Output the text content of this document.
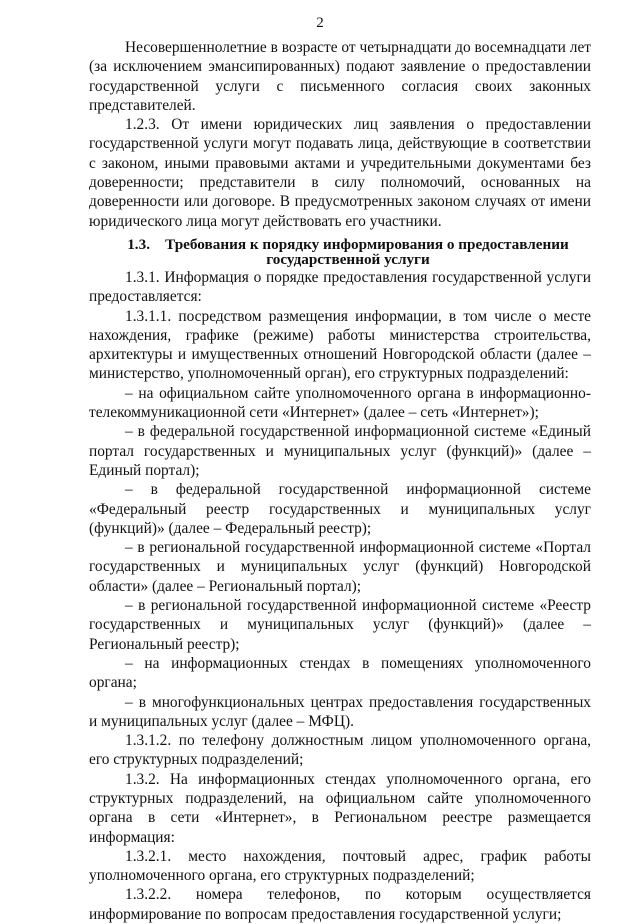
2

Несовершеннолетние в возрасте от четырнадцати до восемнадцати лет (за исключением эмансипированных) подают заявление о предоставлении государственной услуги с письменного согласия своих законных представителей.

1.2.3. От имени юридических лиц заявления о предоставлении государственной услуги могут подавать лица, действующие в соответствии с законом, иными правовыми актами и учредительными документами без доверенности; представители в силу полномочий, основанных на доверенности или договоре. В предусмотренных законом случаях от имени юридического лица могут действовать его участники.

1.3.    Требования к порядку информирования о предоставлении
государственной услуги

1.3.1. Информация о порядке предоставления государственной услуги предоставляется:

1.3.1.1. посредством размещения информации, в том числе о месте нахождения, графике (режиме) работы министерства строительства, архитектуры и имущественных отношений Новгородской области (далее – министерство, уполномоченный орган), его структурных подразделений:

– на официальном сайте уполномоченного органа в информационно-телекоммуникационной сети «Интернет» (далее – сеть «Интернет»);

– в федеральной государственной информационной системе «Единый портал государственных и муниципальных услуг (функций)» (далее – Единый портал);

– в федеральной государственной информационной системе «Федеральный реестр государственных и муниципальных услуг (функций)» (далее – Федеральный реестр);

– в региональной государственной информационной системе «Портал государственных и муниципальных услуг (функций) Новгородской области» (далее – Региональный портал);

– в региональной государственной информационной системе «Реестр государственных и муниципальных услуг (функций)» (далее – Региональный реестр);

– на информационных стендах в помещениях уполномоченного органа;

– в многофункциональных центрах предоставления государственных и муниципальных услуг (далее – МФЦ).

1.3.1.2. по телефону должностным лицом уполномоченного органа, его структурных подразделений;

1.3.2. На информационных стендах уполномоченного органа, его структурных подразделений, на официальном сайте уполномоченного органа в сети «Интернет», в Региональном реестре размещается информация:

1.3.2.1. место нахождения, почтовый адрес, график работы уполномоченного органа, его структурных подразделений;

1.3.2.2. номера телефонов, по которым осуществляется информирование по вопросам предоставления государственной услуги;
